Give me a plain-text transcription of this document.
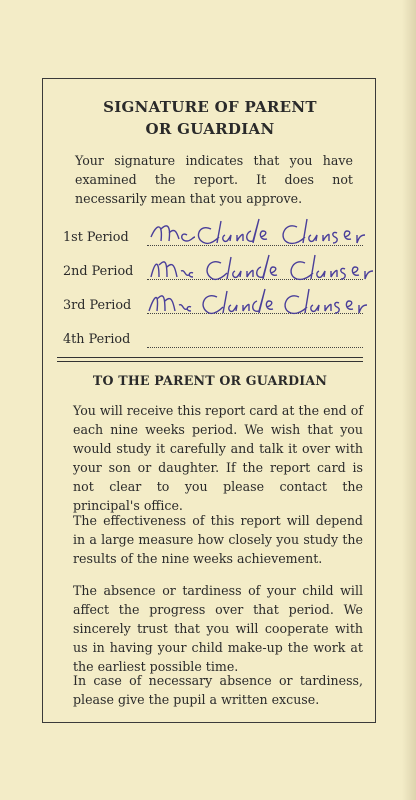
SIGNATURE OF PARENT
OR GUARDIAN
Your signature indicates that you have examined the report. It does not necessarily mean that you approve.
1st Period
2nd Period
3rd Period
4th Period
TO THE PARENT OR GUARDIAN
You will receive this report card at the end of each nine weeks period. We wish that you would study it carefully and talk it over with your son or daughter. If the report card is not clear to you please contact the principal's office.
The effectiveness of this report will depend in a large measure how closely you study the results of the nine weeks achievement.
The absence or tardiness of your child will affect the progress over that period. We sincerely trust that you will cooperate with us in having your child make-up the work at the earliest possible time.
In case of necessary absence or tardiness, please give the pupil a written excuse.
